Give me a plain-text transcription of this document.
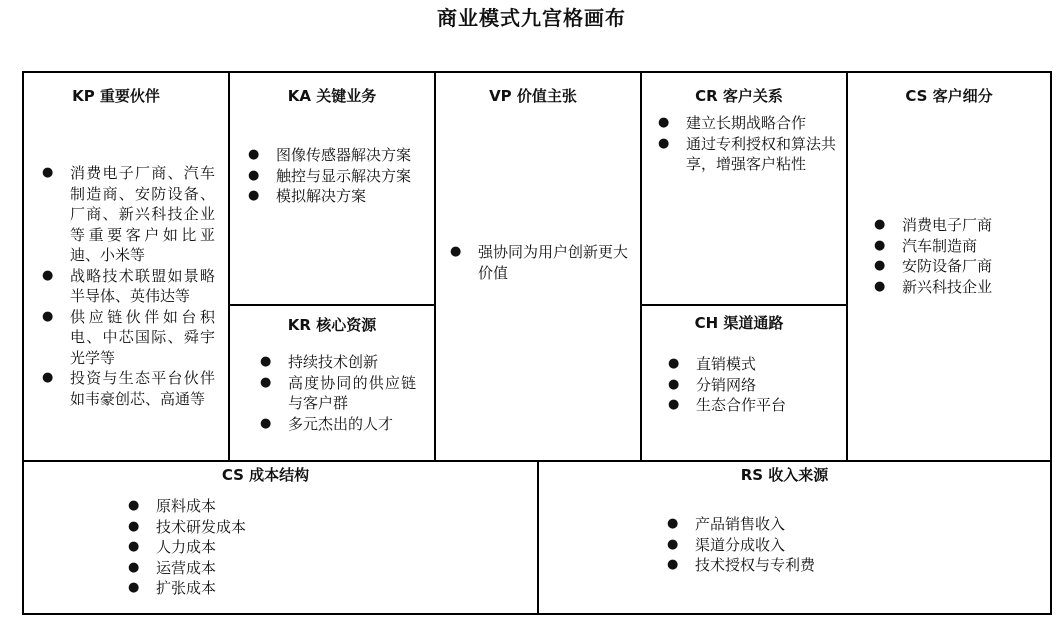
商业模式九宫格画布
KP 重要伙伴
● 消费电子厂商、汽车制造商、安防设备、厂商、新兴科技企业等重要客户如比亚迪、小米等
● 战略技术联盟如景略半导体、英伟达等
● 供应链伙伴如台积电、中芯国际、舜宇光学等
● 投资与生态平台伙伴如韦豪创芯、高通等
KA 关键业务
● 图像传感器解决方案
● 触控与显示解决方案
● 模拟解决方案
KR 核心资源
● 持续技术创新
● 高度协同的供应链与客户群
● 多元杰出的人才
VP 价值主张
● 强协同为用户创新更大价值
CR 客户关系
● 建立长期战略合作
● 通过专利授权和算法共享，增强客户粘性
CH 渠道通路
● 直销模式
● 分销网络
● 生态合作平台
CS 客户细分
● 消费电子厂商
● 汽车制造商
● 安防设备厂商
● 新兴科技企业
CS 成本结构
● 原料成本
● 技术研发成本
● 人力成本
● 运营成本
● 扩张成本
RS 收入来源
● 产品销售收入
● 渠道分成收入
● 技术授权与专利费
